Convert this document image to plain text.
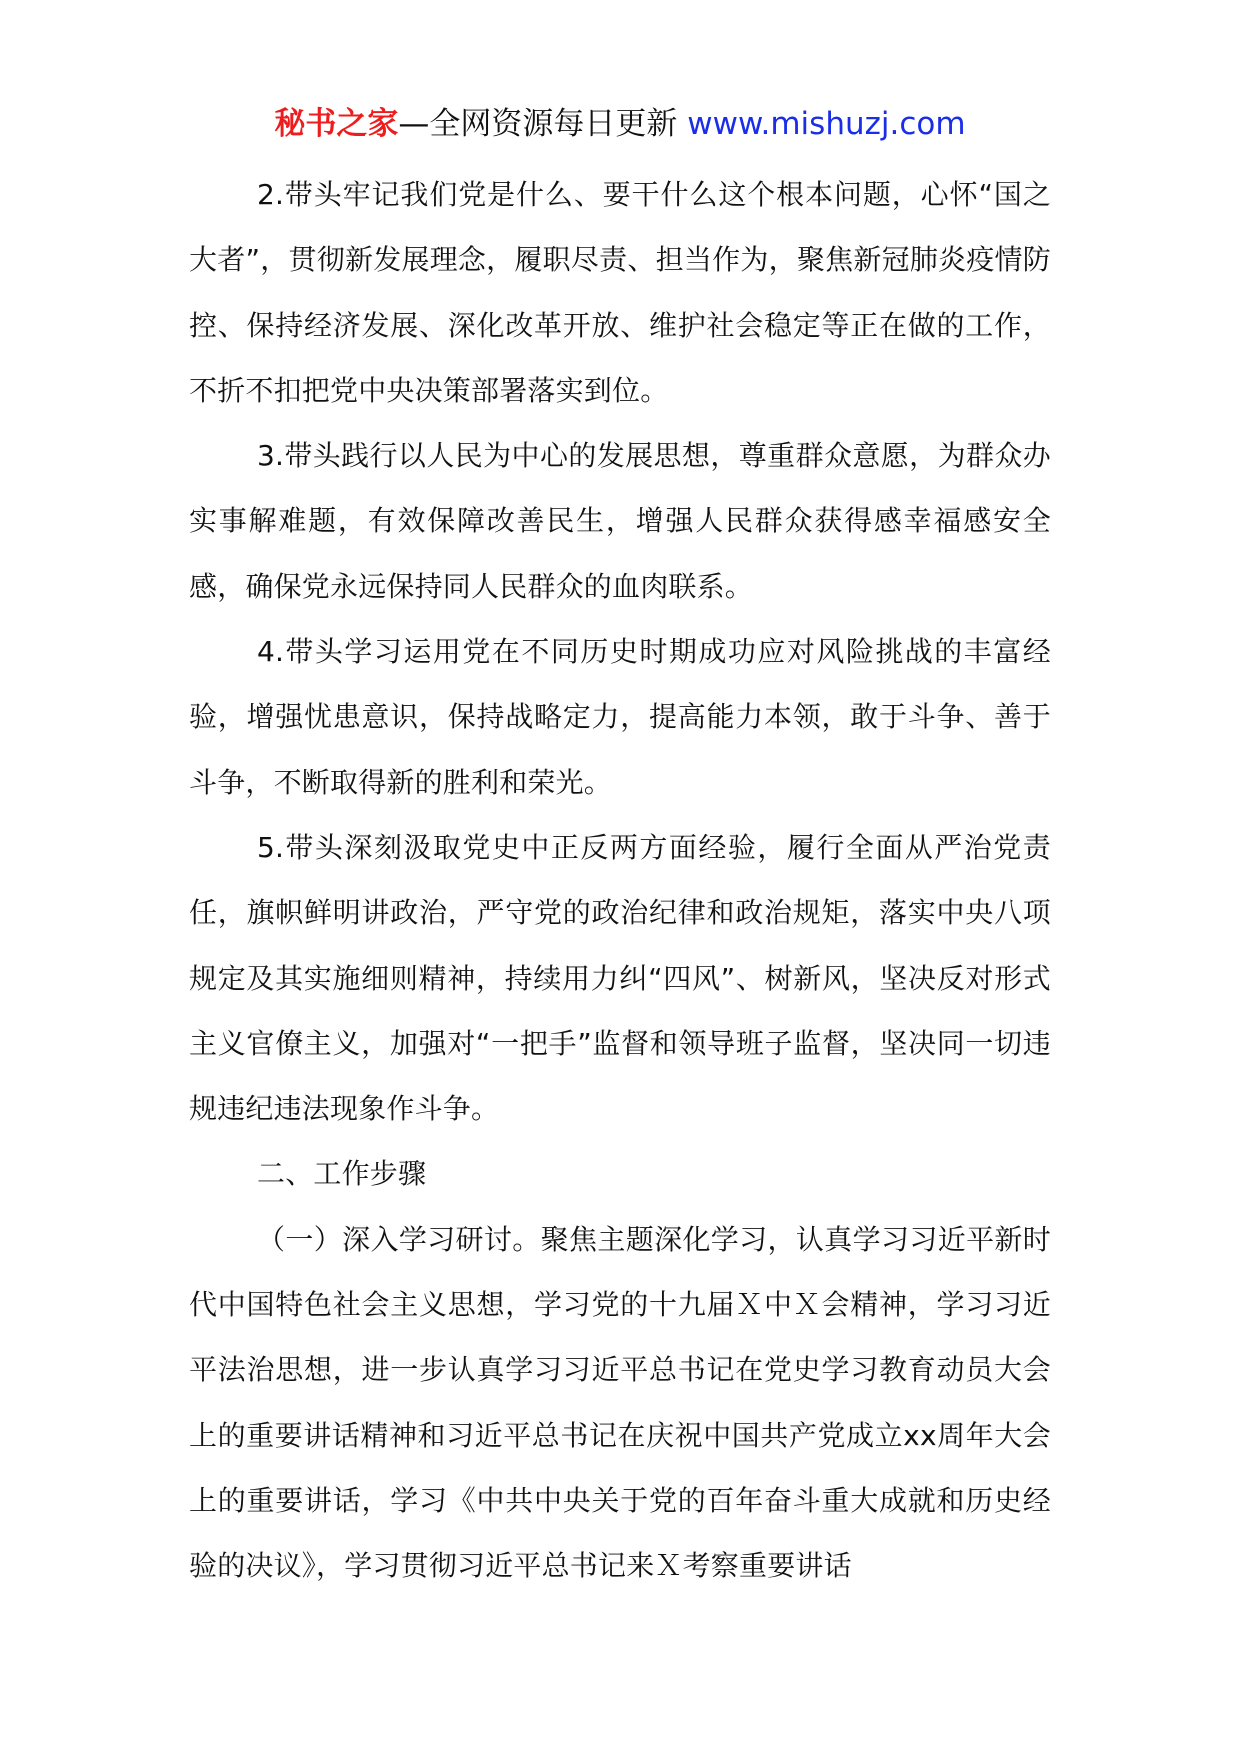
秘书之家—全网资源每日更新 www.mishuzj.com

2.带头牢记我们党是什么、要干什么这个根本问题，心怀“国之大者”，贯彻新发展理念，履职尽责、担当作为，聚焦新冠肺炎疫情防控、保持经济发展、深化改革开放、维护社会稳定等正在做的工作，不折不扣把党中央决策部署落实到位。

3.带头践行以人民为中心的发展思想，尊重群众意愿，为群众办实事解难题，有效保障改善民生，增强人民群众获得感幸福感安全感，确保党永远保持同人民群众的血肉联系。

4.带头学习运用党在不同历史时期成功应对风险挑战的丰富经验，增强忧患意识，保持战略定力，提高能力本领，敢于斗争、善于斗争，不断取得新的胜利和荣光。

5.带头深刻汲取党史中正反两方面经验，履行全面从严治党责任，旗帜鲜明讲政治，严守党的政治纪律和政治规矩，落实中央八项规定及其实施细则精神，持续用力纠“四风”、树新风，坚决反对形式主义官僚主义，加强对“一把手”监督和领导班子监督，坚决同一切违规违纪违法现象作斗争。

二、工作步骤

（一）深入学习研讨。聚焦主题深化学习，认真学习习近平新时代中国特色社会主义思想，学习党的十九届Ｘ中Ｘ会精神，学习习近平法治思想，进一步认真学习习近平总书记在党史学习教育动员大会上的重要讲话精神和习近平总书记在庆祝中国共产党成立xx周年大会上的重要讲话，学习《中共中央关于党的百年奋斗重大成就和历史经验的决议》，学习贯彻习近平总书记来Ｘ考察重要讲话
